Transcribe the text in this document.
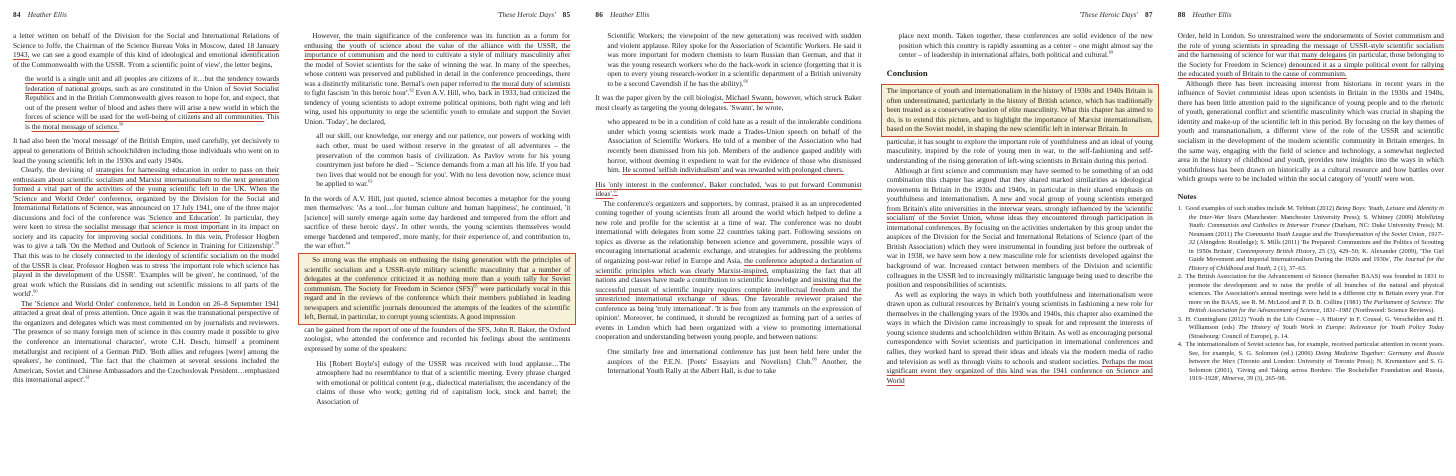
84 Heather Ellis

a letter written on behalf of the Division for the Social and International Relations of Science to Joffe, the Chairman of the Science Bureau Voks in Moscow, dated 18 January 1943, we can see a good example of this kind of ideological and emotional identification of the Commonwealth with the USSR. 'From a scientific point of view', the letter begins,

the world is a single unit and all peoples are citizens of it…but the tendency towards federation of national groups, such as are constituted in the Union of Soviet Socialist Republics and in the British Commonwealth gives reason to hope for, and expect, that out of the present welter of blood and ashes there will arise a new world in which the forces of science will be used for the well-being of citizens and all communities. This is the moral message of science.$^{58}$

It had also been the 'moral message' of the British Empire, used carefully, yet decisively to appeal to generations of British schoolchildren including those individuals who went on to lead the young scientific left in the 1930s and early 1940s.

Clearly, the devising of strategies for harnessing education in order to pass on their enthusiasm about scientific socialism and Marxist internationalism to the next generation formed a vital part of the activities of the young scientific left in the UK. When the 'Science and World Order' conference, organized by the Division for the Social and International Relations of Science, was announced on 17 July 1941, one of the three major discussions and foci of the conference was 'Science and Education'. In particular, they were keen to stress the socialist message that science is most important in its impact on society and its capacity for improving social conditions. In this vein, Professor Hogben was to give a talk 'On the Method and Outlook of Science in Training for Citizenship'.$^{59}$ That this was to be closely connected to the ideology of scientific socialism on the model of the USSR is clear. Professor Hogben was to stress 'the important role which science has played in the development of the USSR'. 'Examples will be given', he continued, 'of the great work which the Russians did in sending out scientific missions to all parts of the world'.$^{60}$

The 'Science and World Order' conference, held in London on 26–8 September 1941 attracted a great deal of press attention. Once again it was the transnational perspective of the organizers and delegates which was most commented on by journalists and reviewers. 'The presence of so many foreign men of science in this country made it possible to give the conference an international character', wrote C.H. Desch, himself a prominent metallurgist and recipient of a German PhD. 'Both allies and refugees [were] among the speakers', he continued, 'The fact that the chairmen at several sessions included the American, Soviet and Chinese Ambassadors and the Czechoslovak President…emphasized this international aspect'.$^{61}$

'These Heroic Days' 85

However, the main significance of the conference was its function as a forum for enthusing the youth of science about the value of the alliance with the USSR, the importance of communism and the need to cultivate a style of military masculinity after the model of Soviet scientists for the sake of winning the war. In many of the speeches, whose content was preserved and published in detail in the conference proceedings, there was a distinctly militaristic tone. Bernal's own paper referred to the moral duty of scientists to fight fascism 'in this heroic hour'.$^{62}$ Even A.V. Hill, who, back in 1933, had criticized the tendency of young scientists to adopt extreme political opinions, both right wing and left wing, used his opportunity to urge the scientific youth to emulate and support the Soviet Union. 'Today', he declared,

all our skill, our knowledge, our energy and our patience, our powers of working with each other, must be used without reserve in the greatest of all adventures – the preservation of the common basis of civilization. As Pavlov wrote for his young countrymen just before he died – 'Science demands from a man all his life. If you had two lives that would not be enough for you'. With no less devotion now, science must be applied to war.$^{63}$

In the words of A.V. Hill, just quoted, science almost becomes a metaphor for the young men themselves: 'As a tool…for human culture and human happiness', he continued, 'it [science] will surely emerge again some day hardened and tempered from the effort and sacrifice of these heroic days'. In other words, the young scientists themselves would emerge 'hardened and tempered', more manly, for their experience of, and contribution to, the war effort.$^{64}$

So strong was the emphasis on enthusing the rising generation with the principles of scientific socialism and a USSR-style military scientific masculinity that a number of delegates at the conference criticized it as nothing more than a youth rally for Soviet communism. The Society for Freedom in Science (SFS)$^{65}$ were particularly vocal in this regard and in the reviews of the conference which their members published in leading newspapers and scientific journals denounced the attempts of the leaders of the scientific left, Bernal, in particular, to corrupt young scientists. A good impression

can be gained from the report of one of the founders of the SFS, John R. Baker, the Oxford zoologist, who attended the conference and recorded his feelings about the sentiments expressed by some of the speakers:

His [Robert Boyle's] eulogy of the USSR was received with loud applause…The atmosphere had no resemblance to that of a scientific meeting. Every phrase charged with emotional or political content (e.g., dialectical materialism; the ascendancy of the claims of those who work; getting rid of capitalism lock, stock and barrel; the Association of
86 Heather Ellis
Scientific Workers; the viewpoint of the new generation) was received with sudden and violent applause. Riley spoke for the Association of Scientific Workers. He said it was more important for modern chemists to learn Russian than German, and that it was the young research workers who do the hack-work in science (forgetting that it is open to every young research-worker in a scientific department of a British university to be a second Cavendish if he has the ability).$^{66}$

It was the paper given by the cell biologist, Michael Swann, however, which struck Baker most clearly as targeting the young delegates. 'Swann', he wrote,

who appeared to be in a condition of cold hate as a result of the intolerable conditions under which young scientists work made a Trades-Union speech on behalf of the Association of Scientific Workers. He told of a member of the Association who had recently been dismissed from his job. Members of the audience gasped audibly with horror, without deeming it expedient to wait for the evidence of those who dismissed him. He scorned 'selfish individualism' and was rewarded with prolonged cheers.

His 'only interest in the conference', Baker concluded, 'was to put forward Communist ideas'.$^{67}$

The conference's organizers and supporters, by contrast, praised it as an unprecedented coming together of young scientists from all around the world which helped to define a new role and profile for the scientist at a time of war. The conference was no doubt international with delegates from some 22 countries taking part. Following sessions on topics as diverse as the relationship between science and government, possible ways of encouraging international academic exchange, and strategies for addressing the problems of organizing post-war relief in Europe and Asia, the conference adopted a declaration of scientific principles which was clearly Marxist-inspired, emphasizing the fact that all nations and classes have made a contribution to scientific knowledge and insisting that the successful pursuit of scientific inquiry requires complete intellectual freedom and the unrestricted international exchange of ideas. One favorable reviewer praised the conference as being 'truly international'. 'It is free from any trammels on the expression of opinion'. Moreover, he continued, it should be recognized as forming part of a series of events in London which had been organized with a view to promoting international cooperation and understanding between young people, and between nations:

One similarly free and international conference has just been held here under the auspices of the P.E.N. [Poets' Essayists and Novelists] Club.$^{68}$ Another, the International Youth Rally at the Albert Hall, is due to take
'These Heroic Days' 87
place next month. Taken together, these conferences are solid evidence of the new position which this country is rapidly assuming as a center – one might almost say the center – of leadership in international affairs, both political and cultural.$^{69}$
Conclusion
The importance of youth and internationalism in the history of 1930s and 1940s Britain is often underestimated, particularly in the history of British science, which has traditionally been treated as a conservative bastion of elite masculinity. What this chapter has aimed to do, is to extend this picture, and to highlight the importance of Marxist internationalism, based on the Soviet model, in shaping the new scientific left in interwar Britain. In

particular, it has sought to explore the important role of youthfulness and an ideal of young masculinity, inspired by the role of young men in war, to the self-fashioning and self-understanding of the rising generation of left-wing scientists in Britain during this period.

Although at first science and communism may have seemed to be something of an odd combination this chapter has argued that they shared marked similarities as ideological movements in Britain in the 1930s and 1940s, in particular in their shared emphasis on youthfulness and internationalism. A new and vocal group of young scientists emerged from Britain's elite universities in the interwar years, strongly influenced by the 'scientific socialism' of the Soviet Union, whose ideas they encountered through participation in international conferences. By focusing on the activities undertaken by this group under the auspices of the Division for the Social and International Relations of Science (part of the British Association) which they were instrumental in founding just before the outbreak of war in 1938, we have seen how a new masculine role for scientists developed against the background of war. Increased contact between members of the Division and scientific colleagues in the USSR led to increasingly militaristic language being used to describe the position and responsibilities of scientists.

As well as exploring the ways in which both youthfulness and internationalism were drawn upon as cultural resources by Britain's young scientists in fashioning a new role for themselves in the challenging years of the 1930s and 1940s, this chapter also examined the ways in which the Division came increasingly to speak for and represent the interests of young science students and schoolchildren within Britain. As well as encouraging personal correspondence with Soviet scientists and participation in international conferences and rallies, they worked hard to spread their ideas and ideals via the modern media of radio and television as well as through visits to schools and student societies. Perhaps the most significant event they organized of this kind was the 1941 conference on Science and World

88 Heather Ellis

Order, held in London. So unrestrained were the endorsements of Soviet communism and the role of young scientists in spreading the message of USSR-style scientific socialism and the harnessing of science for war that many delegates (in particular, those belonging to the Society for Freedom in Science) denounced it as a simple political event for rallying the educated youth of Britain to the cause of communism.

Although there has been increasing interest from historians in recent years in the influence of Soviet communist ideas upon scientists in Britain in the 1930s and 1940s, there has been little attention paid to the significance of young people and to the rhetoric of youth, generational conflict and scientific masculinity which was crucial in shaping the identity and make-up of the scientific left in this period. By focusing on the key themes of youth and transnationalism, a different view of the role of the USSR and scientific socialism in the development of the modern scientific community in Britain emerges. In the same way, engaging with the field of science and technology, a somewhat neglected area in the history of childhood and youth, provides new insights into the ways in which youthfulness has been drawn on historically as a cultural resource and how battles over which groups were to be included within the social category of 'youth' were won.

Notes
1. Good examples of such studies include M. Tebbutt (2012) Being Boys: Youth, Leisure and Identity in the Inter-War Years (Manchester: Manchester University Press); S. Whitney (2009) Mobilizing Youth: Communists and Catholics in Interwar France (Durham, NC: Duke University Press); M. Neumann (2011) The Communist Youth League and the Transformation of the Soviet Union, 1917–32 (Abingdon: Routledge); S. Mills (2011) 'Be Prepared: Communism and the Politics of Scouting in 1950s Britain', Contemporary British History, 25 (3), 429–50; K. Alexander (2009), 'The Girl Guide Movement and Imperial Internationalism During the 1920s and 1930s', The Journal for the History of Childhood and Youth, 2 (1), 37–63.
2. The British Association for the Advancement of Science (hereafter BAAS) was founded in 1831 to promote the development and to raise the profile of all branches of the natural and physical sciences. The Association's annual meetings were held in a different city in Britain every year. For more on the BAAS, see R. M. McLeod and P. D. B. Collins (1981) The Parliament of Science: The British Association for the Advancement of Science, 1831–1981 (Northwood: Science Reviews).
3. H. Cunningham (2012) 'Youth in the Life Course – A History' in F. Coussé, G. Verschelden and H. Williamson (eds) The History of Youth Work in Europe: Relevance for Youth Policy Today (Strasbourg: Council of Europe), p. 14.
4. The internationalism of Soviet science has, for example, received particular attention in recent years. See, for example, S. G. Solomon (ed.) (2006) Doing Medicine Together: Germany and Russia between the Wars (Toronto and London: University of Toronto Press); N. Krementsov and S. G. Solomon (2001), 'Giving and Taking across Borders: The Rockefeller Foundation and Russia, 1919–1928', Minerva, 39 (3), 265–98.
